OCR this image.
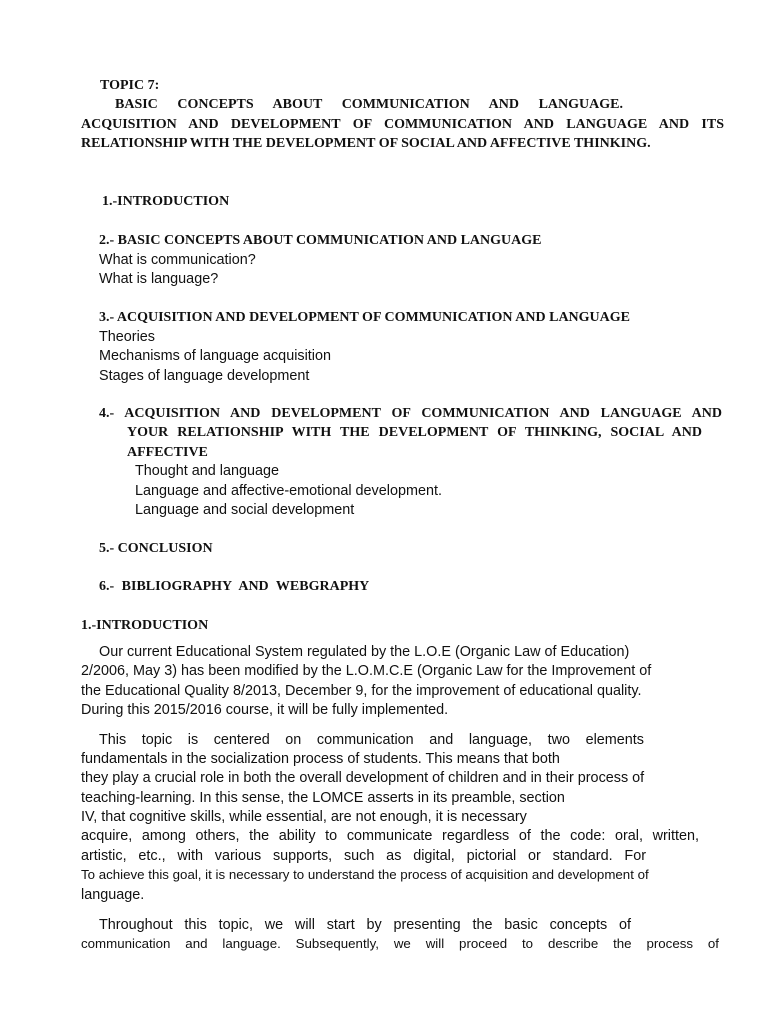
TOPIC 7:
BASIC CONCEPTS ABOUT COMMUNICATION AND LANGUAGE.
ACQUISITION AND DEVELOPMENT OF COMMUNICATION AND LANGUAGE AND ITS
RELATIONSHIP WITH THE DEVELOPMENT OF SOCIAL AND AFFECTIVE THINKING.
1.-INTRODUCTION
2.- BASIC CONCEPTS ABOUT COMMUNICATION AND LANGUAGE
What is communication?
What is language?
3.- ACQUISITION AND DEVELOPMENT OF COMMUNICATION AND LANGUAGE
Theories
Mechanisms of language acquisition
Stages of language development
4.- ACQUISITION AND DEVELOPMENT OF COMMUNICATION AND LANGUAGE AND
YOUR RELATIONSHIP WITH THE DEVELOPMENT OF THINKING, SOCIAL AND
AFFECTIVE
Thought and language
Language and affective-emotional development.
Language and social development
5.- CONCLUSION
6.- BIBLIOGRAPHY AND WEBGRAPHY
1.-INTRODUCTION
Our current Educational System regulated by the L.O.E (Organic Law of Education)
2/2006, May 3) has been modified by the L.O.M.C.E (Organic Law for the Improvement of
the Educational Quality 8/2013, December 9, for the improvement of educational quality.
During this 2015/2016 course, it will be fully implemented.
This topic is centered on communication and language, two elements
fundamentals in the socialization process of students. This means that both
they play a crucial role in both the overall development of children and in their process of
teaching-learning. In this sense, the LOMCE asserts in its preamble, section
IV, that cognitive skills, while essential, are not enough, it is necessary
acquire, among others, the ability to communicate regardless of the code: oral, written,
artistic, etc., with various supports, such as digital, pictorial or standard. For
To achieve this goal, it is necessary to understand the process of acquisition and development of
language.
Throughout this topic, we will start by presenting the basic concepts of
communication and language. Subsequently, we will proceed to describe the process of
